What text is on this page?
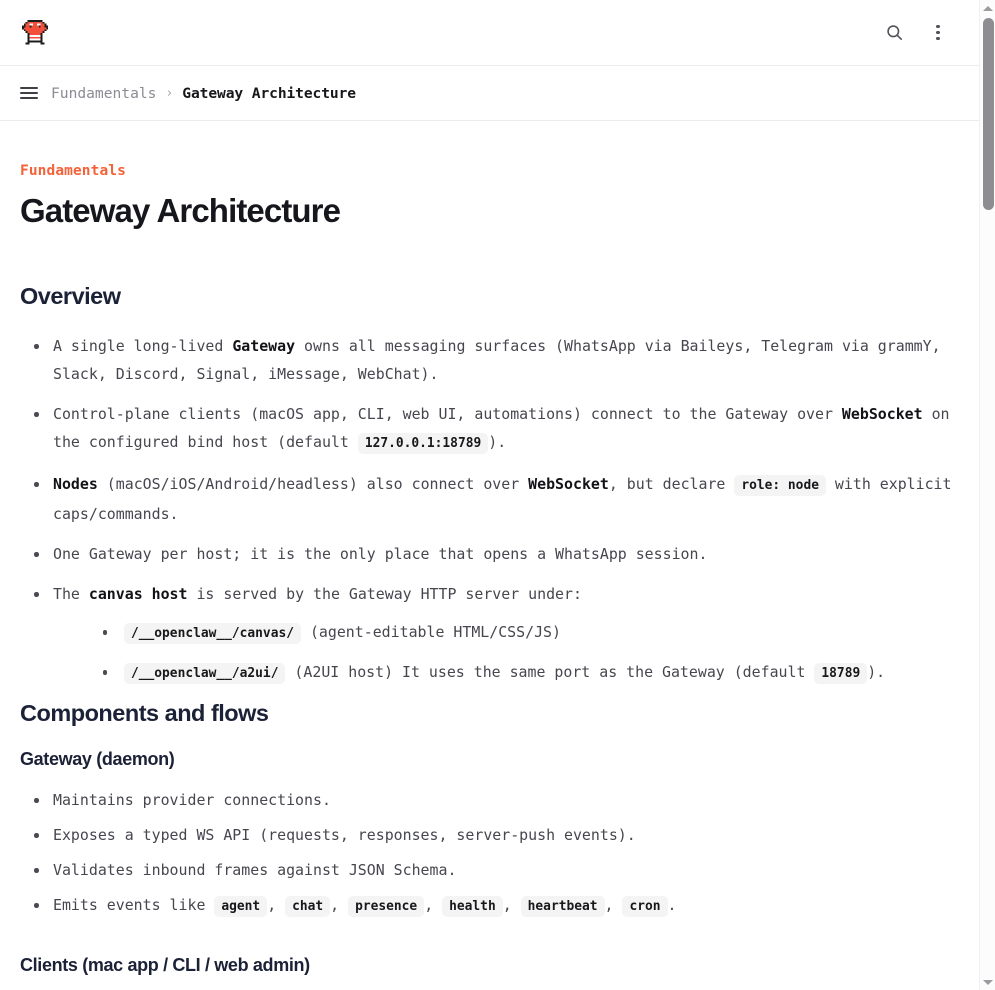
Fundamentals › Gateway Architecture
Fundamentals
Gateway Architecture
Overview
A single long-lived Gateway owns all messaging surfaces (WhatsApp via Baileys, Telegram via grammY, Slack, Discord, Signal, iMessage, WebChat).
Control-plane clients (macOS app, CLI, web UI, automations) connect to the Gateway over WebSocket on the configured bind host (default 127.0.0.1:18789 ).
Nodes (macOS/iOS/Android/headless) also connect over WebSocket, but declare role: node with explicit caps/commands.
One Gateway per host; it is the only place that opens a WhatsApp session.
The canvas host is served by the Gateway HTTP server under:
/__openclaw__/canvas/ (agent-editable HTML/CSS/JS)
/__openclaw__/a2ui/ (A2UI host) It uses the same port as the Gateway (default 18789 ).
Components and flows
Gateway (daemon)
Maintains provider connections.
Exposes a typed WS API (requests, responses, server-push events).
Validates inbound frames against JSON Schema.
Emits events like agent , chat , presence , health , heartbeat , cron .
Clients (mac app / CLI / web admin)
